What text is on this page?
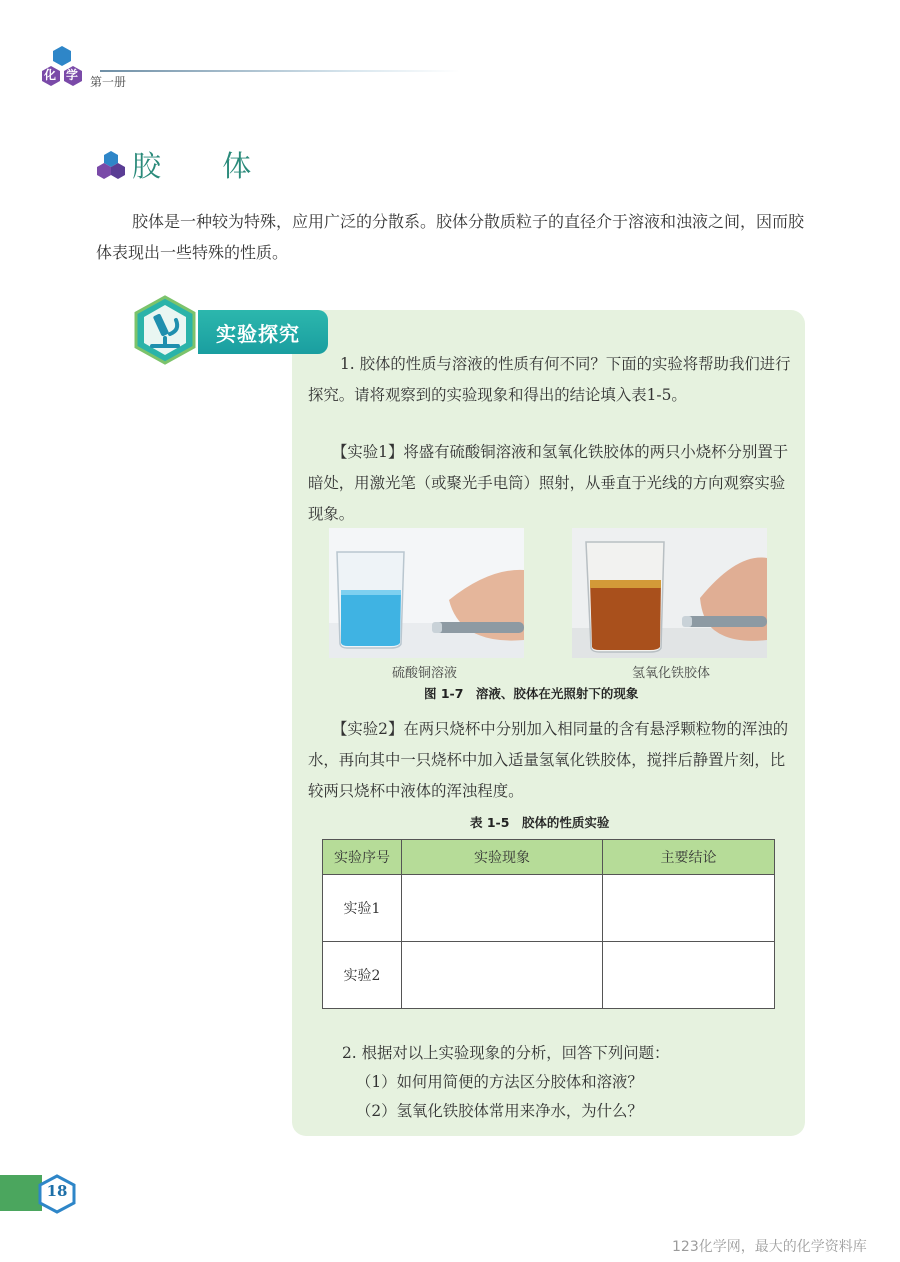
化 学 第一册
胶 体
胶体是一种较为特殊，应用广泛的分散系。胶体分散质粒子的直径介于溶液和浊液之间，因而胶体表现出一些特殊的性质。
实验探究
1. 胶体的性质与溶液的性质有何不同？下面的实验将帮助我们进行探究。请将观察到的实验现象和得出的结论填入表1-5。
【实验1】将盛有硫酸铜溶液和氢氧化铁胶体的两只小烧杯分别置于暗处，用激光笔（或聚光手电筒）照射，从垂直于光线的方向观察实验现象。
硫酸铜溶液	氢氧化铁胶体
图 1-7　溶液、胶体在光照射下的现象
【实验2】在两只烧杯中分别加入相同量的含有悬浮颗粒物的浑浊的水，再向其中一只烧杯中加入适量氢氧化铁胶体，搅拌后静置片刻，比较两只烧杯中液体的浑浊程度。
表 1-5　胶体的性质实验
实验序号	实验现象	主要结论
实验1		
实验2		
2. 根据对以上实验现象的分析，回答下列问题：
（1）如何用简便的方法区分胶体和溶液？
（2）氢氧化铁胶体常用来净水，为什么？
18
123化学网，最大的化学资料库
